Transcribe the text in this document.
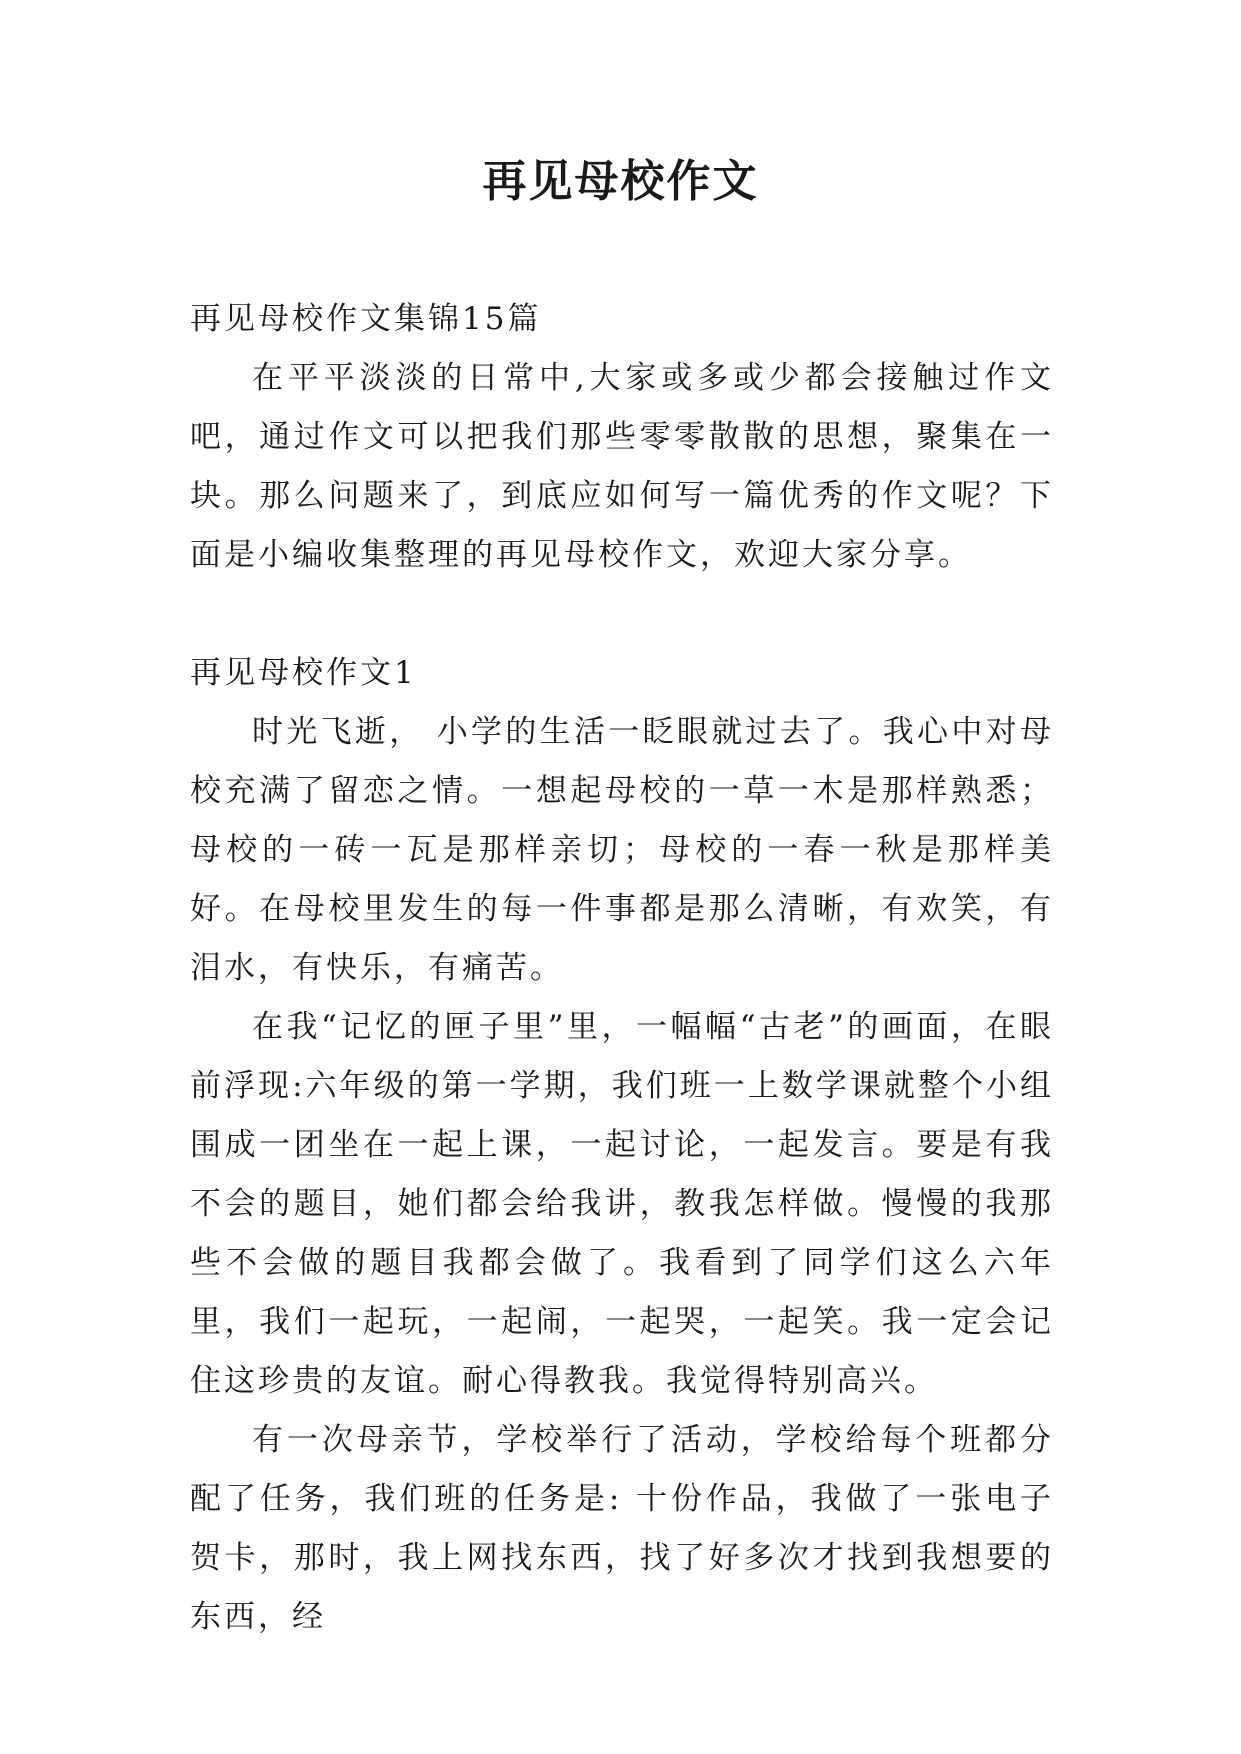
再见母校作文

再见母校作文集锦15篇

在平平淡淡的日常中,大家或多或少都会接触过作文吧，通过作文可以把我们那些零零散散的思想，聚集在一块。那么问题来了，到底应如何写一篇优秀的作文呢？下面是小编收集整理的再见母校作文，欢迎大家分享。

再见母校作文1

时光飞逝， 小学的生活一眨眼就过去了。我心中对母校充满了留恋之情。一想起母校的一草一木是那样熟悉；母校的一砖一瓦是那样亲切；母校的一春一秋是那样美好。在母校里发生的每一件事都是那么清晰，有欢笑，有泪水，有快乐，有痛苦。

在我“记忆的匣子里”里，一幅幅“古老”的画面，在眼前浮现:六年级的第一学期，我们班一上数学课就整个小组围成一团坐在一起上课，一起讨论，一起发言。要是有我不会的题目，她们都会给我讲，教我怎样做。慢慢的我那些不会做的题目我都会做了。我看到了同学们这么六年里，我们一起玩，一起闹，一起哭，一起笑。我一定会记住这珍贵的友谊。耐心得教我。我觉得特别高兴。

有一次母亲节，学校举行了活动，学校给每个班都分配了任务，我们班的任务是: 十份作品，我做了一张电子贺卡，那时，我上网找东西，找了好多次才找到我想要的东西，经
